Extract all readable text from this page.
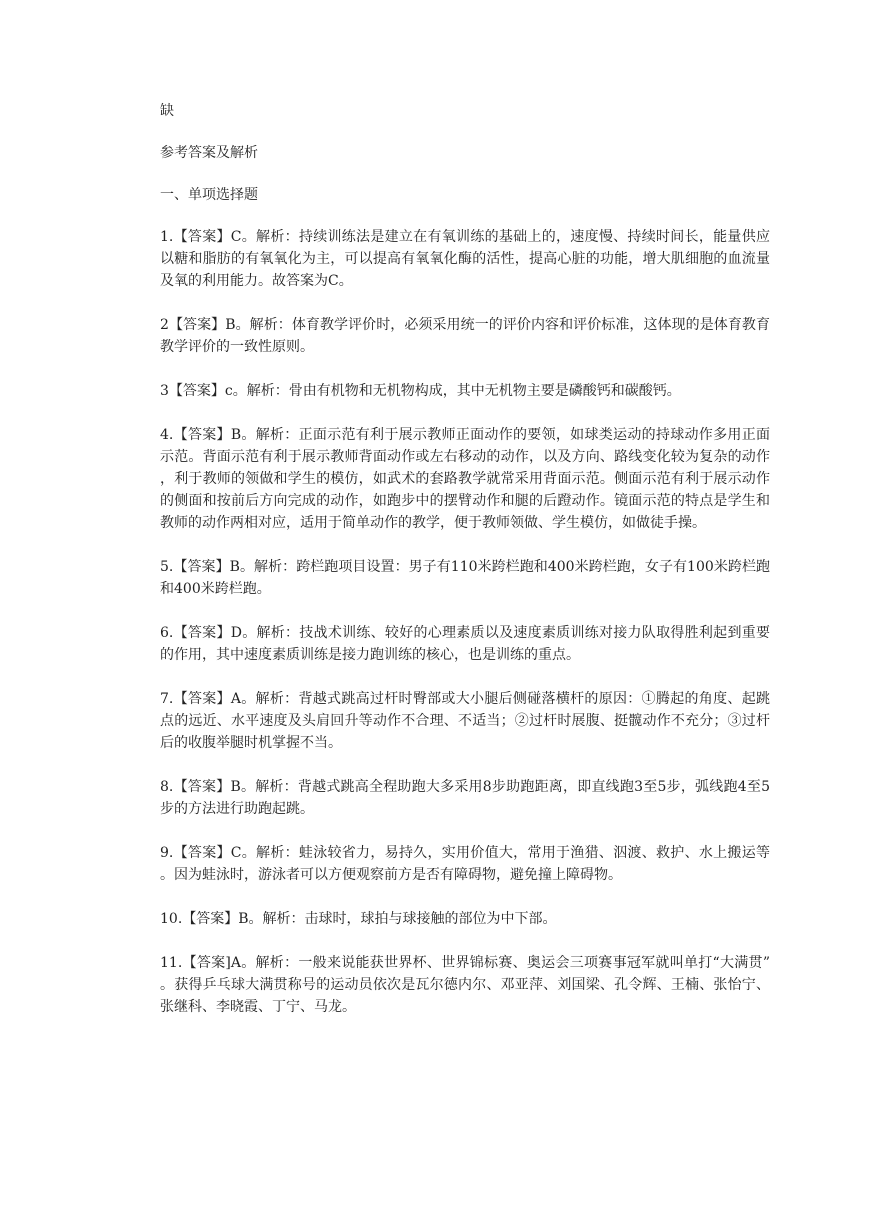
缺
参考答案及解析
一、单项选择题
1.【答案】C。解析：持续训练法是建立在有氧训练的基础上的，速度慢、持续时间长，能量供应以糖和脂肪的有氧氧化为主，可以提高有氧氧化酶的活性，提高心脏的功能，增大肌细胞的血流量及氧的利用能力。故答案为C。
2【答案】B。解析：体育教学评价时，必须采用统一的评价内容和评价标准，这体现的是体育教育教学评价的一致性原则。
3【答案】c。解析：骨由有机物和无机物构成，其中无机物主要是磷酸钙和碳酸钙。
4.【答案】B。解析：正面示范有利于展示教师正面动作的要领，如球类运动的持球动作多用正面示范。背面示范有利于展示教师背面动作或左右移动的动作，以及方向、路线变化较为复杂的动作，利于教师的领做和学生的模仿，如武术的套路教学就常采用背面示范。侧面示范有利于展示动作的侧面和按前后方向完成的动作，如跑步中的摆臂动作和腿的后蹬动作。镜面示范的特点是学生和教师的动作两相对应，适用于简单动作的教学，便于教师领做、学生模仿，如做徒手操。
5.【答案】B。解析：跨栏跑项目设置：男子有110米跨栏跑和400米跨栏跑，女子有100米跨栏跑和400米跨栏跑。
6.【答案】D。解析：技战术训练、较好的心理素质以及速度素质训练对接力队取得胜利起到重要的作用，其中速度素质训练是接力跑训练的核心，也是训练的重点。
7.【答案】A。解析：背越式跳高过杆时臀部或大小腿后侧碰落横杆的原因：①腾起的角度、起跳点的远近、水平速度及头肩回升等动作不合理、不适当；②过杆时展腹、挺髋动作不充分；③过杆后的收腹举腿时机掌握不当。
8.【答案】B。解析：背越式跳高全程助跑大多采用8步助跑距离，即直线跑3至5步，弧线跑4至5步的方法进行助跑起跳。
9.【答案】C。解析：蛙泳较省力，易持久，实用价值大，常用于渔猎、泅渡、救护、水上搬运等。因为蛙泳时，游泳者可以方便观察前方是否有障碍物，避免撞上障碍物。
10.【答案】B。解析：击球时，球拍与球接触的部位为中下部。
11.【答案]A。解析：一般来说能获世界杯、世界锦标赛、奥运会三项赛事冠军就叫单打“大满贯”。获得乒乓球大满贯称号的运动员依次是瓦尔德内尔、邓亚萍、刘国梁、孔令辉、王楠、张怡宁、张继科、李晓霞、丁宁、马龙。
